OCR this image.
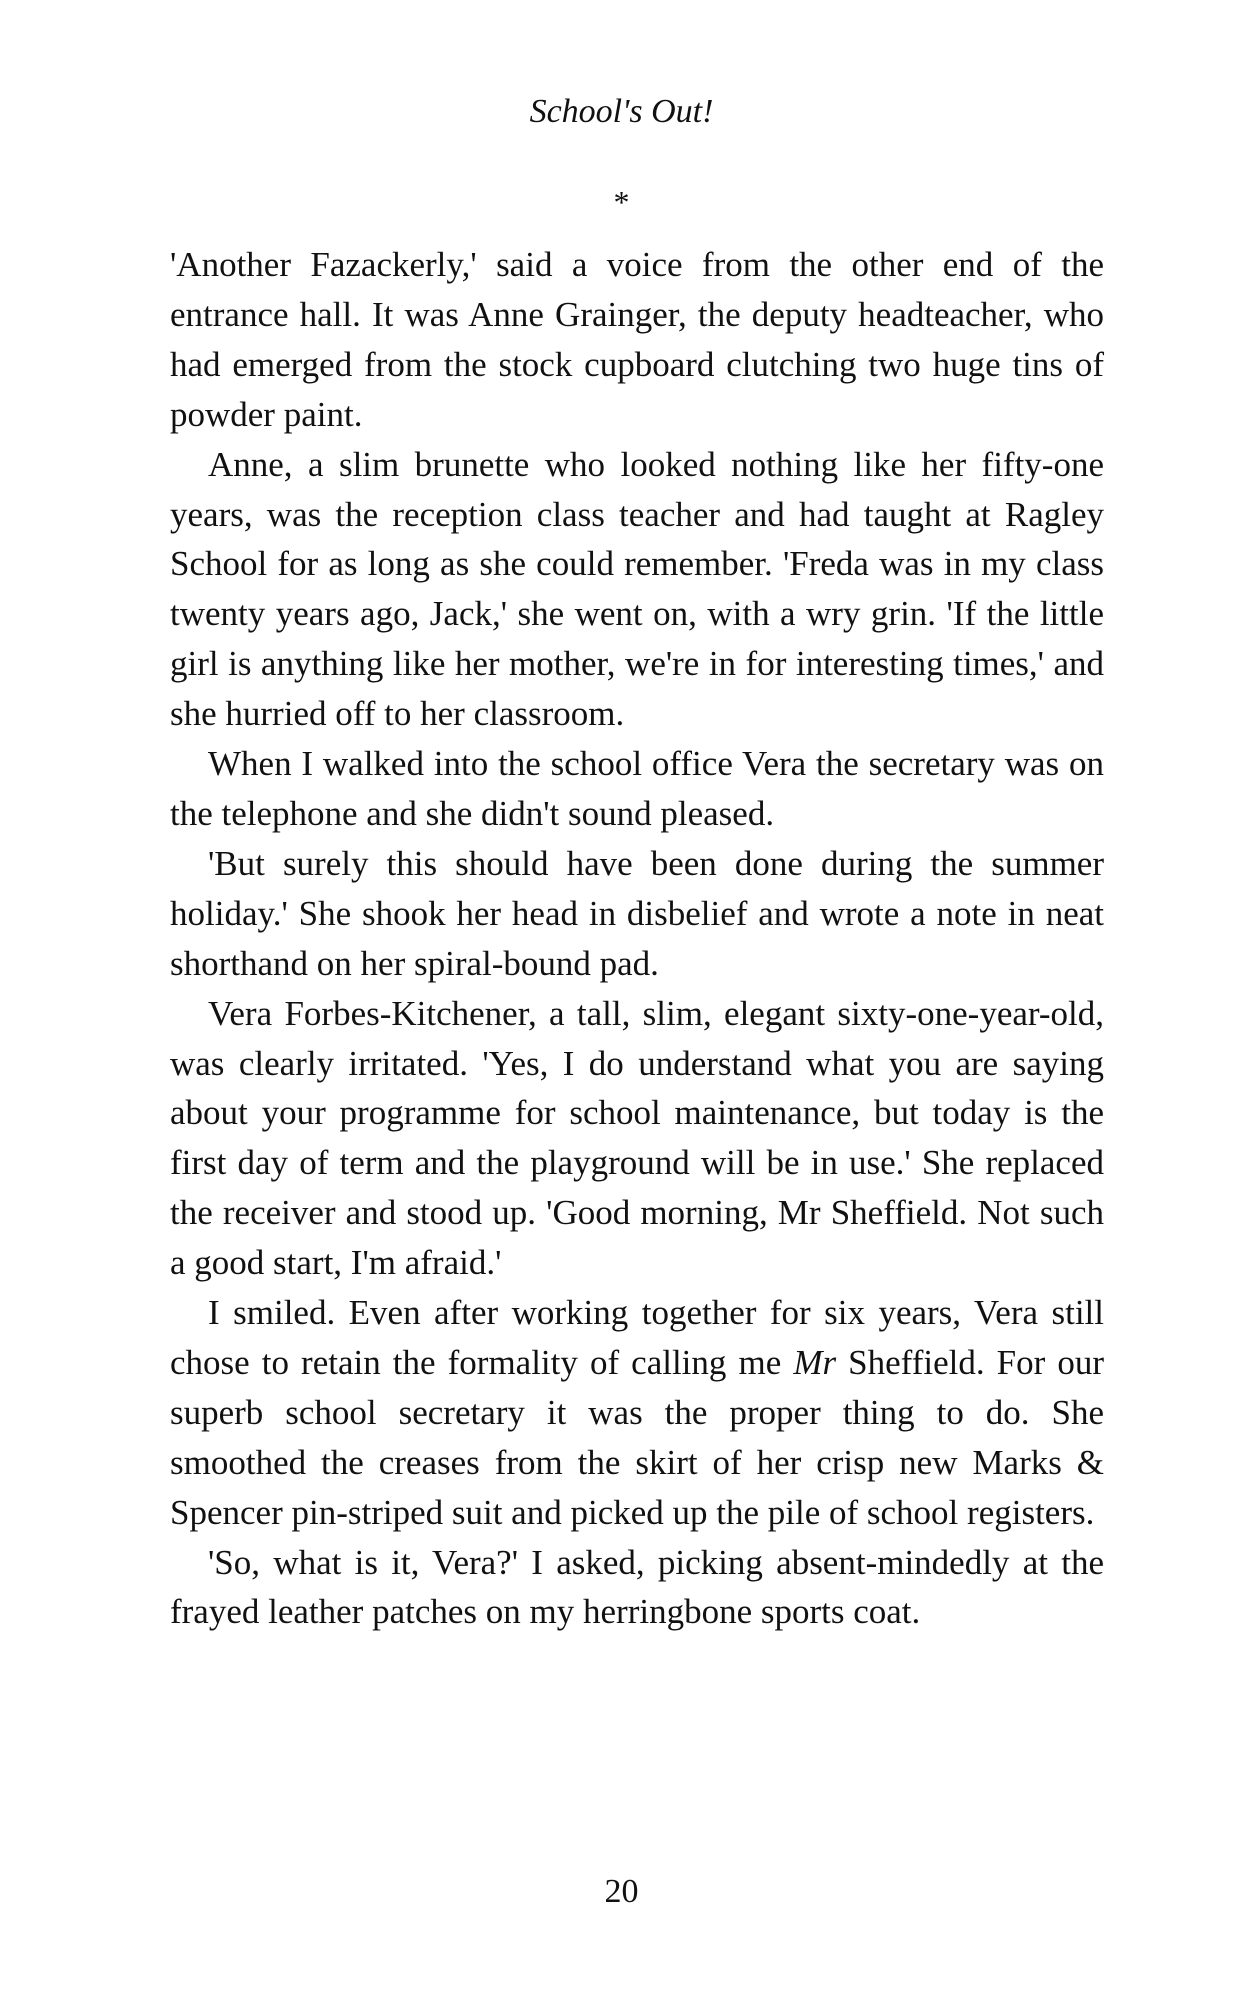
School's Out!
*

'Another Fazackerly,' said a voice from the other end of the entrance hall. It was Anne Grainger, the deputy headteacher, who had emerged from the stock cupboard clutching two huge tins of powder paint.

Anne, a slim brunette who looked nothing like her fifty-one years, was the reception class teacher and had taught at Ragley School for as long as she could remember. 'Freda was in my class twenty years ago, Jack,' she went on, with a wry grin. 'If the little girl is anything like her mother, we're in for interesting times,' and she hurried off to her classroom.

When I walked into the school office Vera the secretary was on the telephone and she didn't sound pleased.

'But surely this should have been done during the summer holiday.' She shook her head in disbelief and wrote a note in neat shorthand on her spiral-bound pad.

Vera Forbes-Kitchener, a tall, slim, elegant sixty-one-year-old, was clearly irritated. 'Yes, I do understand what you are saying about your programme for school maintenance, but today is the first day of term and the playground will be in use.' She replaced the receiver and stood up. 'Good morning, Mr Sheffield. Not such a good start, I'm afraid.'

I smiled. Even after working together for six years, Vera still chose to retain the formality of calling me Mr Sheffield. For our superb school secretary it was the proper thing to do. She smoothed the creases from the skirt of her crisp new Marks & Spencer pin-striped suit and picked up the pile of school registers.

'So, what is it, Vera?' I asked, picking absent-mindedly at the frayed leather patches on my herringbone sports coat.

20
